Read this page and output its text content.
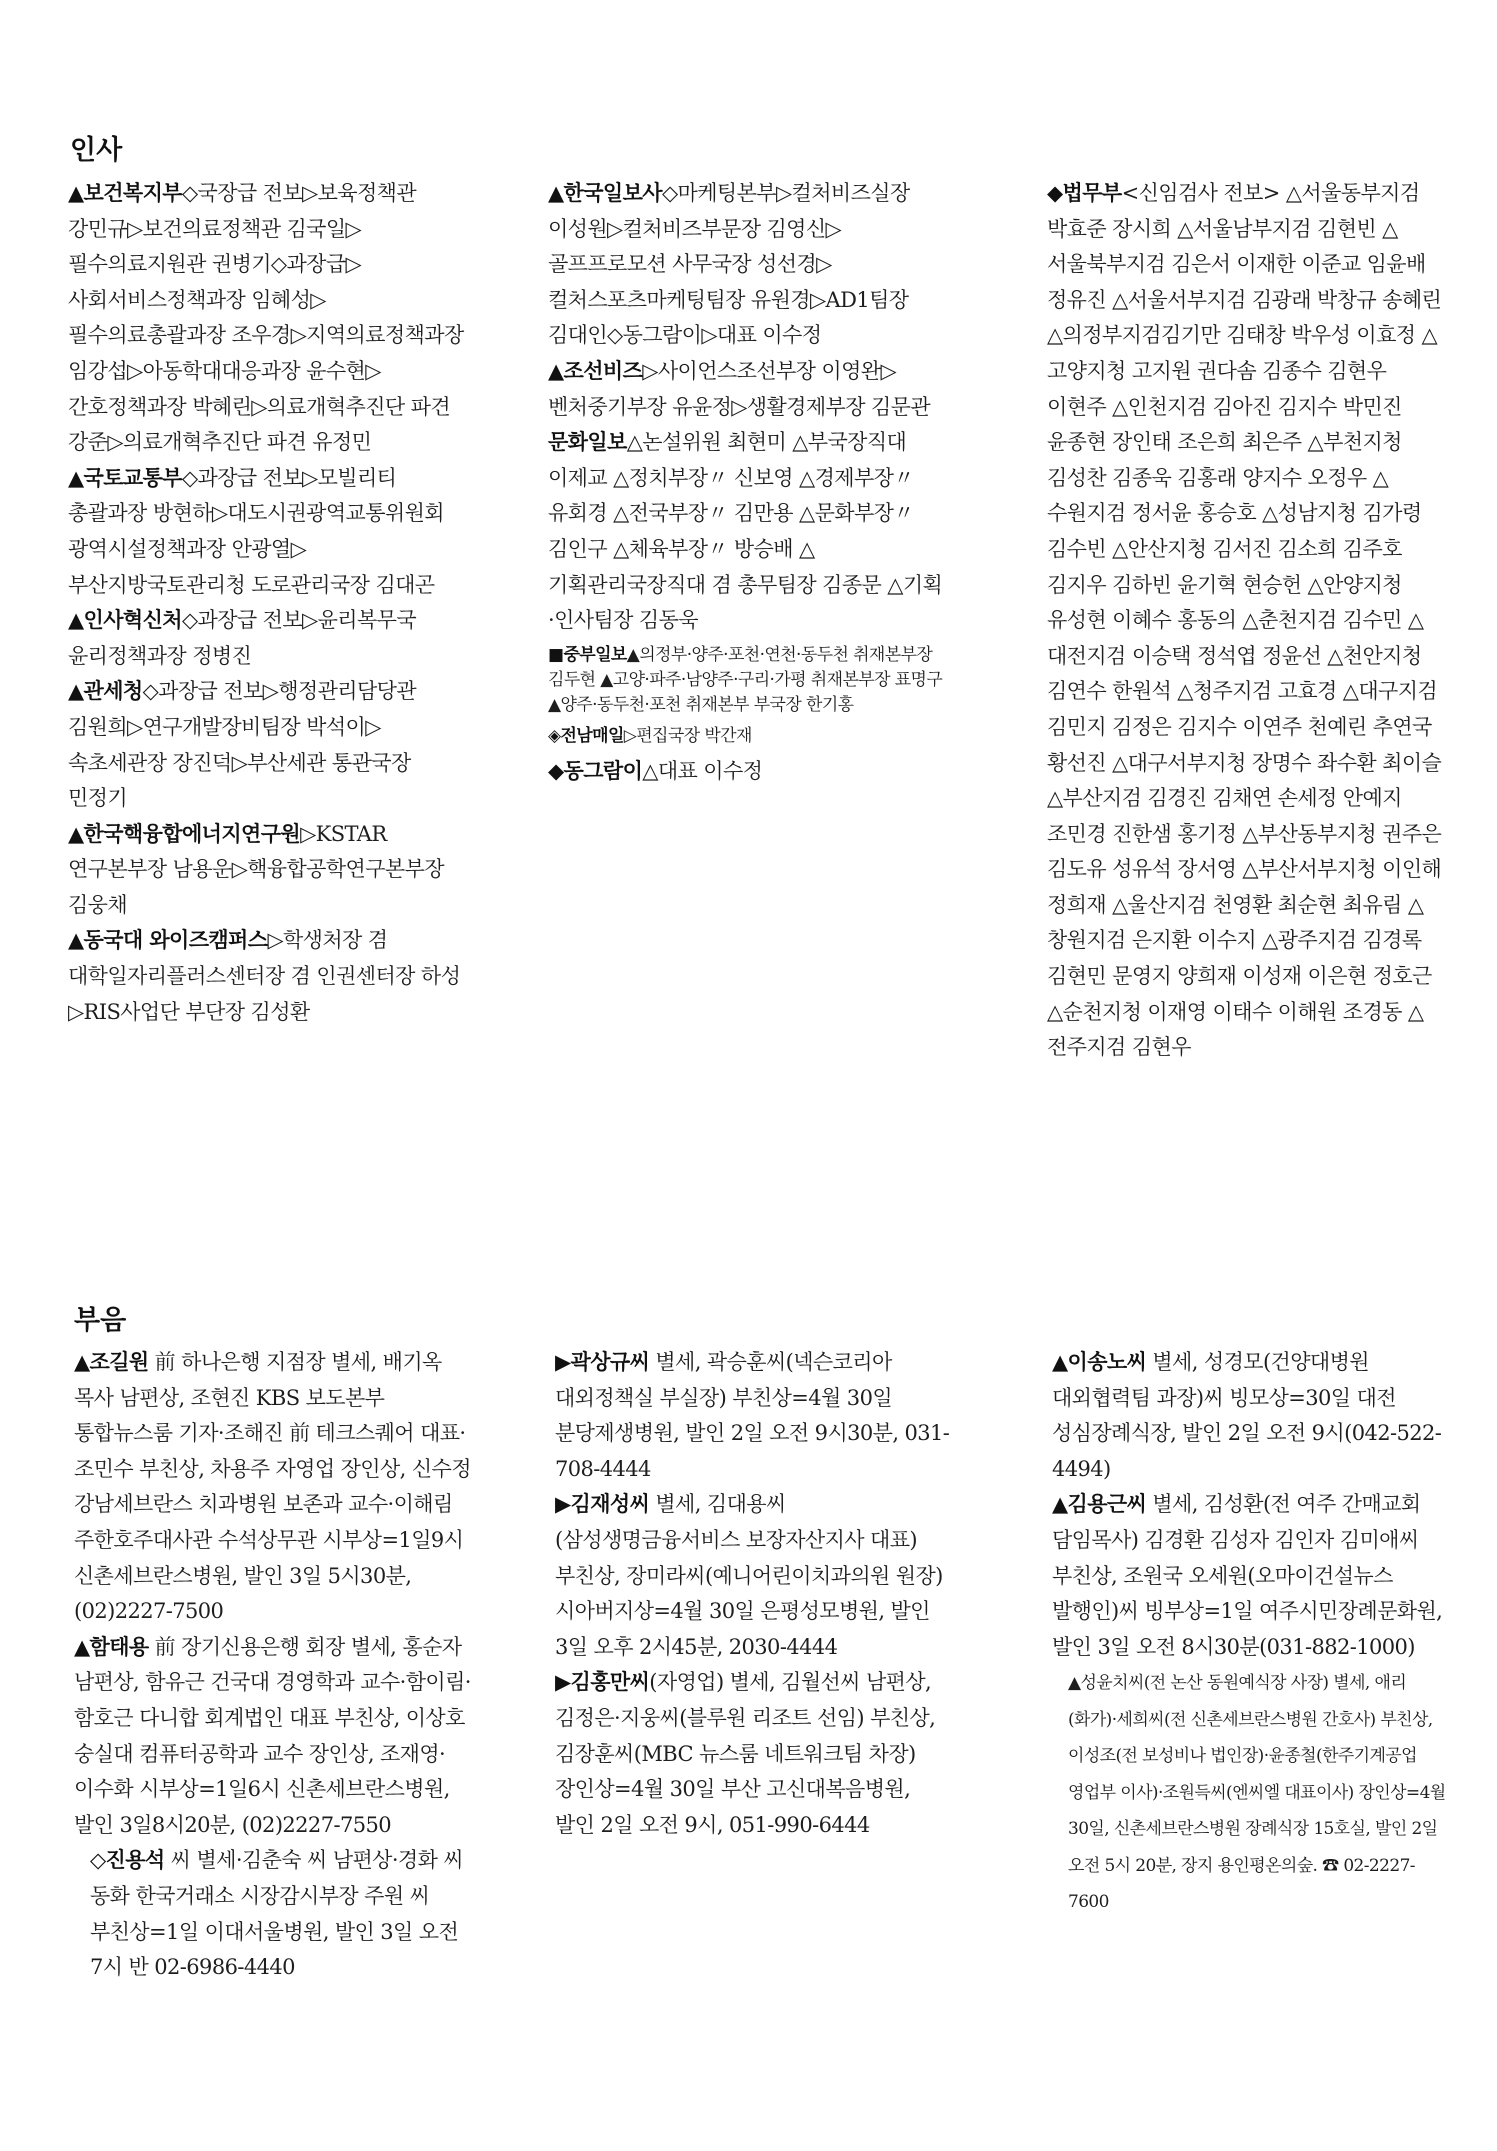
인사

▲보건복지부◇국장급 전보▷보육정책관 강민규▷보건의료정책관 김국일▷필수의료지원관 권병기◇과장급▷사회서비스정책과장 임혜성▷필수의료총괄과장 조우경▷지역의료정책과장 임강섭▷아동학대대응과장 윤수현▷간호정책과장 박혜린▷의료개혁추진단 파견 강준▷의료개혁추진단 파견 유정민

▲국토교통부◇과장급 전보▷모빌리티 총괄과장 방현하▷대도시권광역교통위원회 광역시설정책과장 안광열▷부산지방국토관리청 도로관리국장 김대곤

▲인사혁신처◇과장급 전보▷윤리복무국 윤리정책과장 정병진

▲관세청◇과장급 전보▷행정관리담당관 김원희▷연구개발장비팀장 박석이▷속초세관장 장진덕▷부산세관 통관국장 민정기

▲한국핵융합에너지연구원▷KSTAR 연구본부장 남용운▷핵융합공학연구본부장 김웅채

▲동국대 와이즈캠퍼스▷학생처장 겸 대학일자리플러스센터장 겸 인권센터장 하성▷RIS사업단 부단장 김성환

▲한국일보사◇마케팅본부▷컬처비즈실장 이성원▷컬처비즈부문장 김영신▷골프프로모션 사무국장 성선경▷컬처스포츠마케팅팀장 유원경▷AD1팀장 김대인◇동그람이▷대표 이수정

▲조선비즈▷사이언스조선부장 이영완▷벤처중기부장 유윤정▷생활경제부장 김문관

문화일보△논설위원 최현미 △부국장직대 이제교 △정치부장〃 신보영 △경제부장〃 유회경 △전국부장〃 김만용 △문화부장〃 김인구 △체육부장〃 방승배 △기획관리국장직대 겸 총무팀장 김종문 △기획·인사팀장 김동욱

■중부일보▲의정부·양주·포천·연천·동두천 취재본부장 김두현 ▲고양·파주·남양주·구리·가평 취재본부장 표명구 ▲양주·동두천·포천 취재본부 부국장 한기홍

◈전남매일▷편집국장 박간재

◆동그람이△대표 이수정

◆법무부<신임검사 전보> △서울동부지검 박효준 장시희 △서울남부지검 김현빈 △서울북부지검 김은서 이재한 이준교 임윤배 정유진 △서울서부지검 김광래 박창규 송혜린 △의정부지검김기만 김태창 박우성 이효정 △고양지청 고지원 권다솜 김종수 김현우 이현주 △인천지검 김아진 김지수 박민진 윤종현 장인태 조은희 최은주 △부천지청 김성찬 김종욱 김홍래 양지수 오정우 △수원지검 정서윤 홍승호 △성남지청 김가령 김수빈 △안산지청 김서진 김소희 김주호 김지우 김하빈 윤기혁 현승헌 △안양지청 유성현 이혜수 홍동의 △춘천지검 김수민 △대전지검 이승택 정석엽 정윤선 △천안지청 김연수 한원석 △청주지검 고효경 △대구지검 김민지 김정은 김지수 이연주 천예린 추연국 황선진 △대구서부지청 장명수 좌수환 최이슬 △부산지검 김경진 김채연 손세정 안예지 조민경 진한샘 홍기정 △부산동부지청 권주은 김도유 성유석 장서영 △부산서부지청 이인해 정희재 △울산지검 천영환 최순현 최유림 △창원지검 은지환 이수지 △광주지검 김경록 김현민 문영지 양희재 이성재 이은현 정호근 △순천지청 이재영 이태수 이해원 조경동 △전주지검 김현우

부음

▲조길원 前 하나은행 지점장 별세, 배기옥 목사 남편상, 조현진 KBS 보도본부 통합뉴스룸 기자·조해진 前 테크스퀘어 대표·조민수 부친상, 차용주 자영업 장인상, 신수정 강남세브란스 치과병원 보존과 교수·이해림 주한호주대사관 수석상무관 시부상=1일9시 신촌세브란스병원, 발인 3일 5시30분, (02)2227-7500

▲함태용 前 장기신용은행 회장 별세, 홍순자 남편상, 함유근 건국대 경영학과 교수·함이림·함호근 다니합 회계법인 대표 부친상, 이상호 숭실대 컴퓨터공학과 교수 장인상, 조재영·이수화 시부상=1일6시 신촌세브란스병원, 발인 3일8시20분, (02)2227-7550

◇진용석 씨 별세·김춘숙 씨 남편상·경화 씨 동화 한국거래소 시장감시부장 주원 씨 부친상=1일 이대서울병원, 발인 3일 오전 7시 반 02-6986-4440

▶곽상규씨 별세, 곽승훈씨(넥슨코리아 대외정책실 부실장) 부친상=4월 30일 분당제생병원, 발인 2일 오전 9시30분, 031-708-4444

▶김재성씨 별세, 김대용씨(삼성생명금융서비스 보장자산지사 대표) 부친상, 장미라씨(예니어린이치과의원 원장) 시아버지상=4월 30일 은평성모병원, 발인 3일 오후 2시45분, 2030-4444

▶김홍만씨(자영업) 별세, 김월선씨 남편상, 김정은·지웅씨(블루원 리조트 선임) 부친상, 김장훈씨(MBC 뉴스룸 네트워크팀 차장) 장인상=4월 30일 부산 고신대복음병원, 발인 2일 오전 9시, 051-990-6444

▲이송노씨 별세, 성경모(건양대병원 대외협력팀 과장)씨 빙모상=30일 대전 성심장례식장, 발인 2일 오전 9시(042-522-4494)

▲김용근씨 별세, 김성환(전 여주 간매교회 담임목사) 김경환 김성자 김인자 김미애씨 부친상, 조원국 오세원(오마이건설뉴스 발행인)씨 빙부상=1일 여주시민장례문화원, 발인 3일 오전 8시30분(031-882-1000)

▲성윤치씨(전 논산 동원예식장 사장) 별세, 애리(화가)·세희씨(전 신촌세브란스병원 간호사) 부친상, 이성조(전 보성비나 법인장)·윤종철(한주기계공업 영업부 이사)·조원득씨(엔씨엘 대표이사) 장인상=4월 30일, 신촌세브란스병원 장례식장 15호실, 발인 2일 오전 5시 20분, 장지 용인평온의숲. ☎ 02-2227-7600
